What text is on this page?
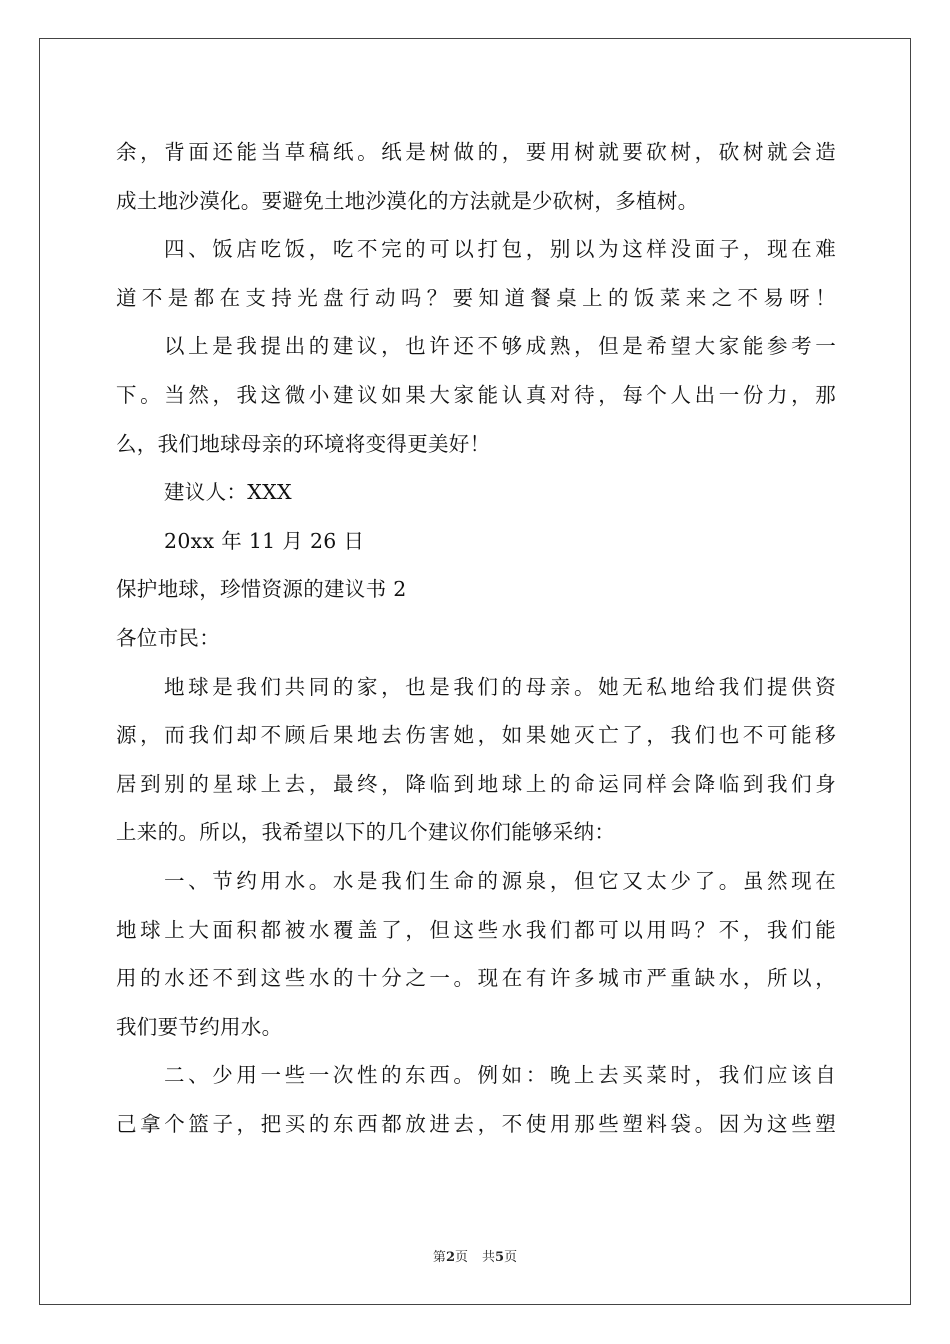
余，背面还能当草稿纸。纸是树做的，要用树就要砍树，砍树就会造
成土地沙漠化。要避免土地沙漠化的方法就是少砍树，多植树。
四、饭店吃饭，吃不完的可以打包，别以为这样没面子，现在难
道不是都在支持光盘行动吗？要知道餐桌上的饭菜来之不易呀！
以上是我提出的建议，也许还不够成熟，但是希望大家能参考一
下。当然，我这微小建议如果大家能认真对待，每个人出一份力，那
么，我们地球母亲的环境将变得更美好！
建议人：XXX
20xx 年 11 月 26 日
保护地球，珍惜资源的建议书 2
各位市民：
地球是我们共同的家，也是我们的母亲。她无私地给我们提供资
源，而我们却不顾后果地去伤害她，如果她灭亡了，我们也不可能移
居到别的星球上去，最终，降临到地球上的命运同样会降临到我们身
上来的。所以，我希望以下的几个建议你们能够采纳：
一、节约用水。水是我们生命的源泉，但它又太少了。虽然现在
地球上大面积都被水覆盖了，但这些水我们都可以用吗？不，我们能
用的水还不到这些水的十分之一。现在有许多城市严重缺水，所以，
我们要节约用水。
二、少用一些一次性的东西。例如：晚上去买菜时，我们应该自
己拿个篮子，把买的东西都放进去，不使用那些塑料袋。因为这些塑
第2页 共5页
